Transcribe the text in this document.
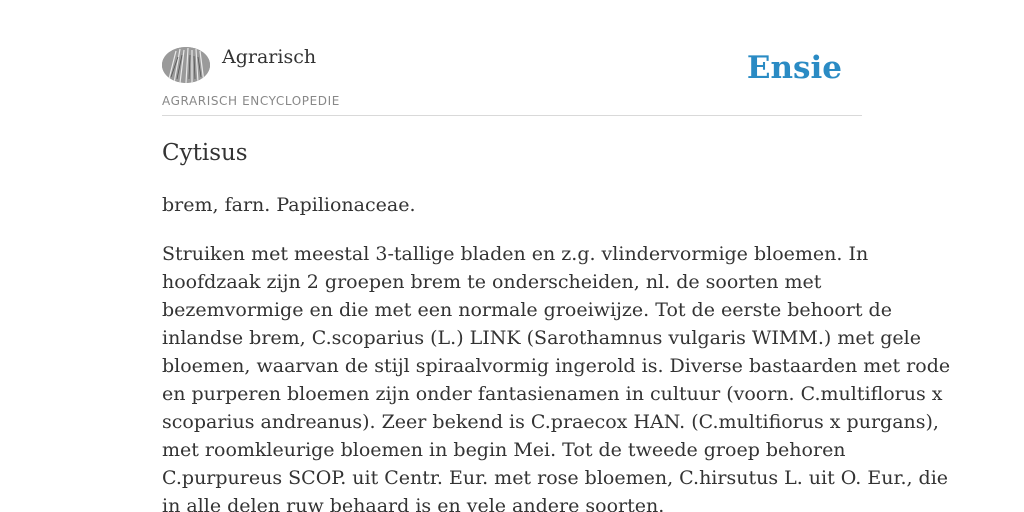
Agrarisch
AGRARISCH ENCYCLOPEDIE
Ensie
Cytisus

brem, farn. Papilionaceae.

Struiken met meestal 3-tallige bladen en z.g. vlindervormige bloemen. In
hoofdzaak zijn 2 groepen brem te onderscheiden, nl. de soorten met
bezemvormige en die met een normale groeiwijze. Tot de eerste behoort de
inlandse brem, C.scoparius (L.) LINK (Sarothamnus vulgaris WIMM.) met gele
bloemen, waarvan de stijl spiraalvormig ingerold is. Diverse bastaarden met rode
en purperen bloemen zijn onder fantasienamen in cultuur (voorn. C.multiflorus x
scoparius andreanus). Zeer bekend is C.praecox HAN. (C.multifiorus x purgans),
met roomkleurige bloemen in begin Mei. Tot de tweede groep behoren
C.purpureus SCOP. uit Centr. Eur. met rose bloemen, C.hirsutus L. uit O. Eur., die
in alle delen ruw behaard is en vele andere soorten.
